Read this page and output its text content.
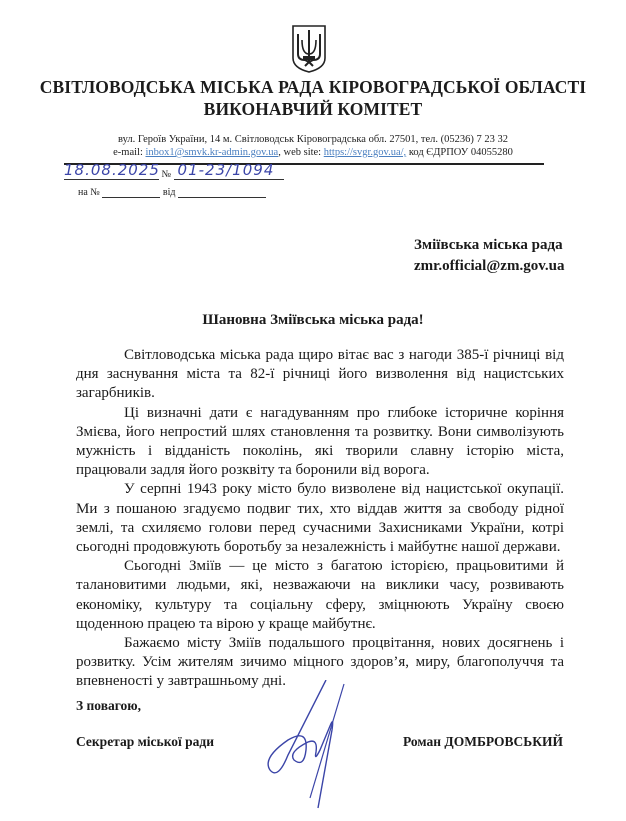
СВІТЛОВОДСЬКА МІСЬКА РАДА КІРОВОГРАДСЬКОЇ ОБЛАСТІ
ВИКОНАВЧИЙ КОМІТЕТ
вул. Героїв України, 14 м. Світловодськ Кіровоградська обл. 27501, тел. (05236) 7 23 32
e-mail: inbox1@smvk.kr-admin.gov.ua, web site: https://svgr.gov.ua/, код ЄДРПОУ 04055280
18.08.2025 № 01-23/1094
на №	від
Зміївська міська рада
zmr.official@zm.gov.ua
Шановна Зміївська міська рада!

Світловодська міська рада щиро вітає вас з нагоди 385-ї річниці від дня заснування міста та 82-ї річниці його визволення від нацистських загарбників.

Ці визначні дати є нагадуванням про глибоке історичне коріння Змієва, його непростий шлях становлення та розвитку. Вони символізують мужність і відданість поколінь, які творили славну історію міста, працювали задля його розквіту та боронили від ворога.

У серпні 1943 року місто було визволене від нацистської окупації. Ми з пошаною згадуємо подвиг тих, хто віддав життя за свободу рідної землі, та схиляємо голови перед сучасними Захисниками України, котрі сьогодні продовжують боротьбу за незалежність і майбутнє нашої держави.

Сьогодні Зміїв — це місто з багатою історією, працьовитими й талановитими людьми, які, незважаючи на виклики часу, розвивають економіку, культуру та соціальну сферу, зміцнюють Україну своєю щоденною працею та вірою у краще майбутнє.

Бажаємо місту Зміїв подальшого процвітання, нових досягнень і розвитку. Усім жителям зичимо міцного здоров’я, миру, благополуччя та впевненості у завтрашньому дні.

З повагою,
Секретар міської ради	Роман ДОМБРОВСЬКИЙ
